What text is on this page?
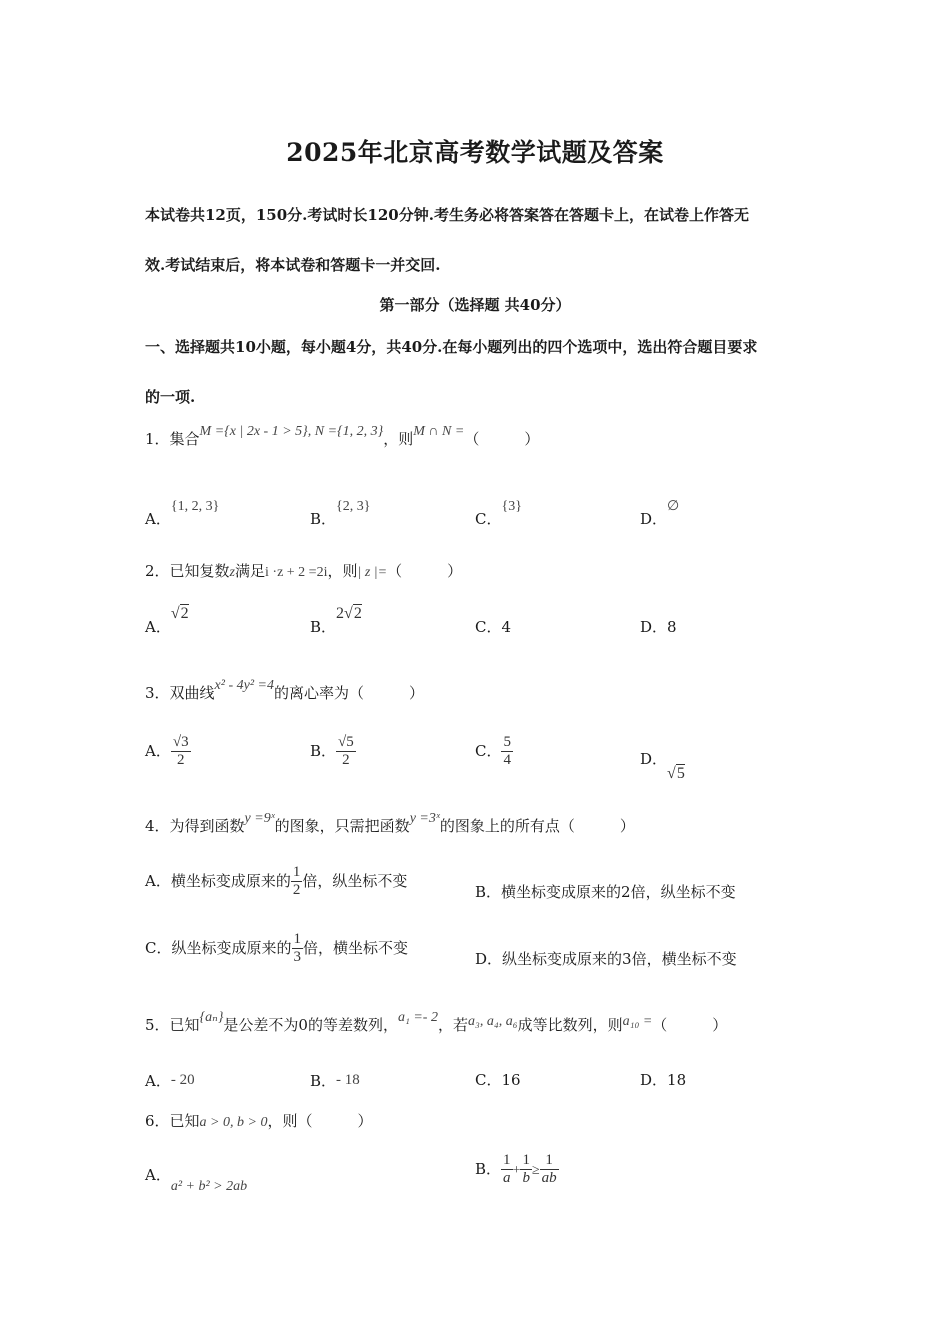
2025年北京高考数学试题及答案
本试卷共12页，150分.考试时长120分钟.考生务必将答案答在答题卡上，在试卷上作答无
效.考试结束后，将本试卷和答题卡一并交回.
第一部分（选择题 共40分）
一、选择题共10小题，每小题4分，共40分.在每小题列出的四个选项中，选出符合题目要求
的一项.
1．集合M ={x | 2x - 1 > 5}, N ={1, 2, 3}，则M ∩ N =（　　　）
A．{1, 2, 3}
B．{2, 3}
C．{3}
D．∅
2．已知复数z满足i ·z + 2 =2i，则| z |=（　　　）
A．√2
B．2√2
C．4	D．8
3．双曲线x² - 4y² =4的离心率为（　　　）
A． $\frac{√3}{2}$	B． $\frac{√5}{2}$	C． $\frac{5}{4}$	D．√5
4．为得到函数y =9ˣ的图象，只需把函数y =3ˣ的图象上的所有点（　　　）
A．横坐标变成原来的 $\frac{1}{2}$ 倍，纵坐标不变
B．横坐标变成原来的2倍，纵坐标不变
C．纵坐标变成原来的 $\frac{1}{3}$ 倍，横坐标不变
D．纵坐标变成原来的3倍，横坐标不变
5．已知{aₙ}是公差不为0的等差数列，a₁ =- 2，若a₃, a₄, a₆成等比数列，则a₁₀ =（　　　）
A．- 20	B．- 18	C．16	D．18
6．已知a > 0, b > 0，则（　　　）
A．a² + b² > 2ab
B． $\frac{1}{a} + \frac{1}{b} \ge \frac{1}{ab}$
